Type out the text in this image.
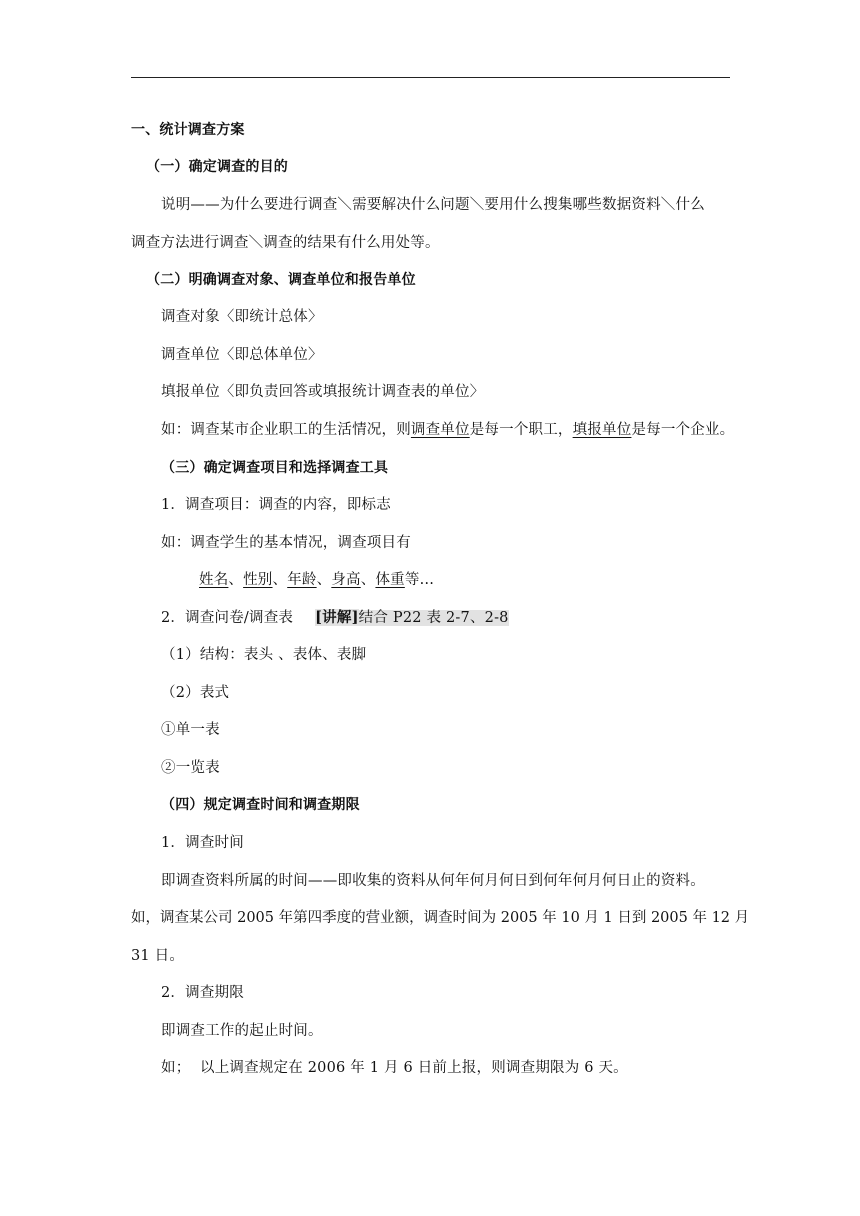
一、统计调查方案
（一）确定调查的目的
说明——为什么要进行调查＼需要解决什么问题＼要用什么搜集哪些数据资料＼什么
调查方法进行调查＼调查的结果有什么用处等。
（二）明确调查对象、调查单位和报告单位
调查对象〈即统计总体〉
调查单位〈即总体单位〉
填报单位〈即负责回答或填报统计调查表的单位〉
如：调查某市企业职工的生活情况，则调查单位是每一个职工，填报单位是每一个企业。
（三）确定调查项目和选择调查工具
1．调查项目：调查的内容，即标志
如：调查学生的基本情况，调查项目有
姓名、性别、年龄、身高、体重等…
2．调查问卷/调查表 [讲解]结合 P22 表 2-7、2-8
（1）结构：表头 、表体、表脚
（2）表式
①单一表
②一览表
（四）规定调查时间和调查期限
1．调查时间
即调查资料所属的时间——即收集的资料从何年何月何日到何年何月何日止的资料。
如，调查某公司 2005 年第四季度的营业额，调查时间为 2005 年 10 月 1 日到 2005 年 12 月
31 日。
2．调查期限
即调查工作的起止时间。
如；  以上调查规定在 2006 年 1 月 6 日前上报，则调查期限为 6 天。
